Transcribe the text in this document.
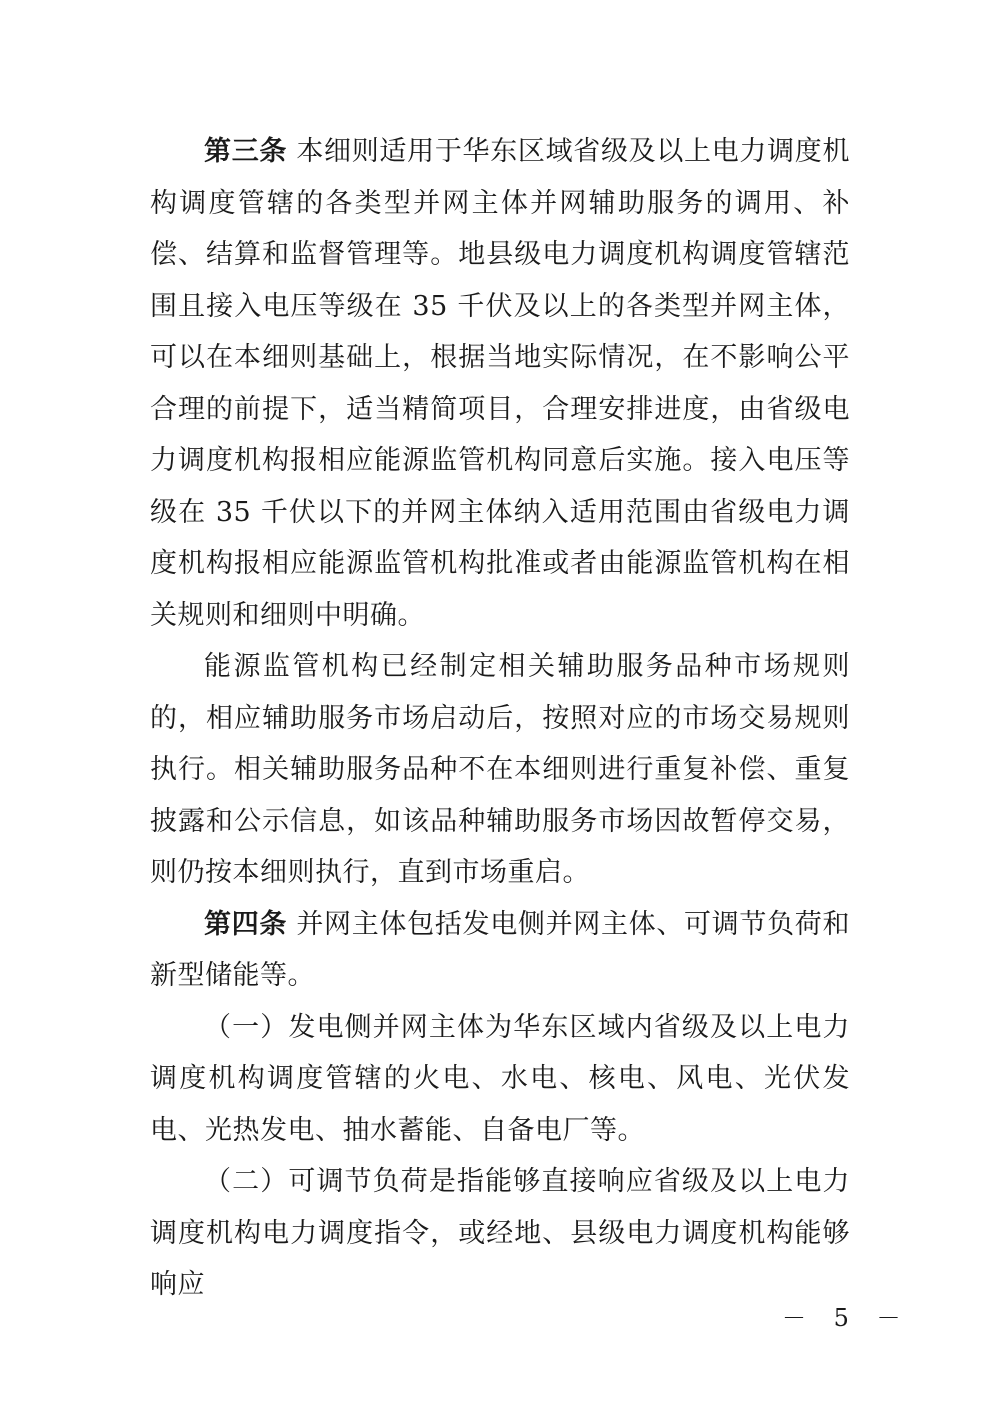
第三条 本细则适用于华东区域省级及以上电力调度机构调度管辖的各类型并网主体并网辅助服务的调用、补偿、结算和监督管理等。地县级电力调度机构调度管辖范围且接入电压等级在 35 千伏及以上的各类型并网主体，可以在本细则基础上，根据当地实际情况，在不影响公平合理的前提下，适当精简项目，合理安排进度，由省级电力调度机构报相应能源监管机构同意后实施。接入电压等级在 35 千伏以下的并网主体纳入适用范围由省级电力调度机构报相应能源监管机构批准或者由能源监管机构在相关规则和细则中明确。

能源监管机构已经制定相关辅助服务品种市场规则的，相应辅助服务市场启动后，按照对应的市场交易规则执行。相关辅助服务品种不在本细则进行重复补偿、重复披露和公示信息，如该品种辅助服务市场因故暂停交易，则仍按本细则执行，直到市场重启。

第四条 并网主体包括发电侧并网主体、可调节负荷和新型储能等。

（一）发电侧并网主体为华东区域内省级及以上电力调度机构调度管辖的火电、水电、核电、风电、光伏发电、光热发电、抽水蓄能、自备电厂等。

（二）可调节负荷是指能够直接响应省级及以上电力调度机构电力调度指令，或经地、县级电力调度机构能够响应

－ 5 －
